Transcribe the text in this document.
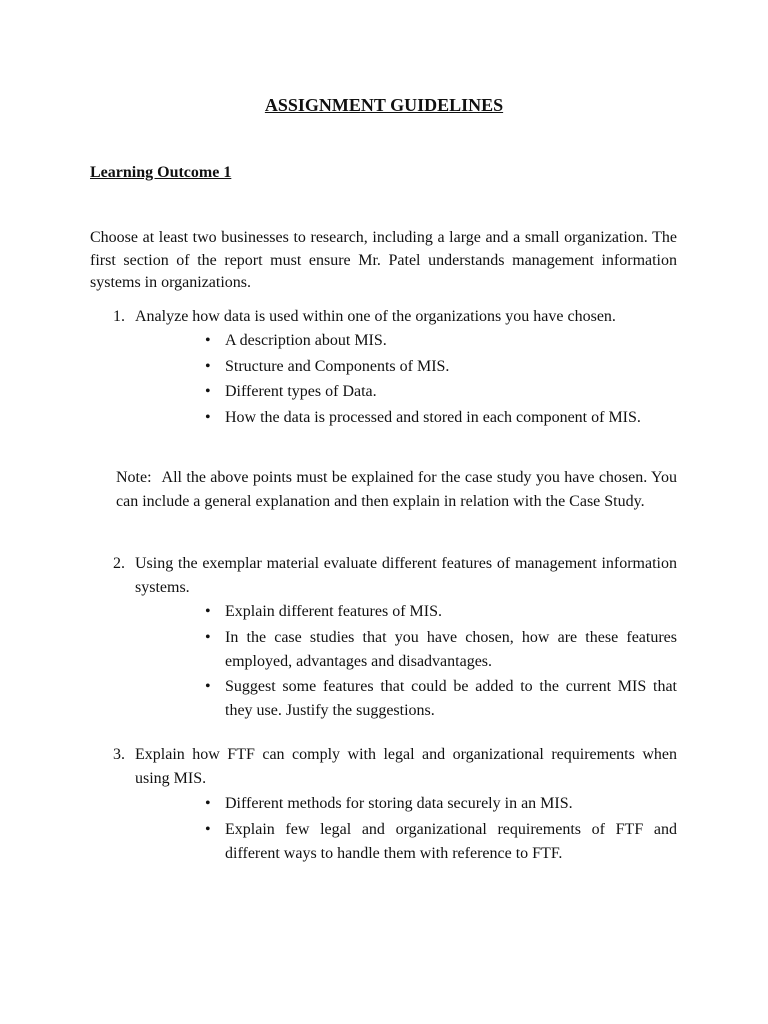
ASSIGNMENT GUIDELINES
Learning Outcome 1

Choose at least two businesses to research, including a large and a small organization. The first section of the report must ensure Mr. Patel understands management information systems in organizations.

1. Analyze how data is used within one of the organizations you have chosen.
• A description about MIS.
• Structure and Components of MIS.
• Different types of Data.
• How the data is processed and stored in each component of MIS.

Note: All the above points must be explained for the case study you have chosen. You can include a general explanation and then explain in relation with the Case Study.

2. Using the exemplar material evaluate different features of management information systems.
• Explain different features of MIS.
• In the case studies that you have chosen, how are these features employed, advantages and disadvantages.
• Suggest some features that could be added to the current MIS that they use. Justify the suggestions.
3. Explain how FTF can comply with legal and organizational requirements when using MIS.
• Different methods for storing data securely in an MIS.
• Explain few legal and organizational requirements of FTF and different ways to handle them with reference to FTF.
